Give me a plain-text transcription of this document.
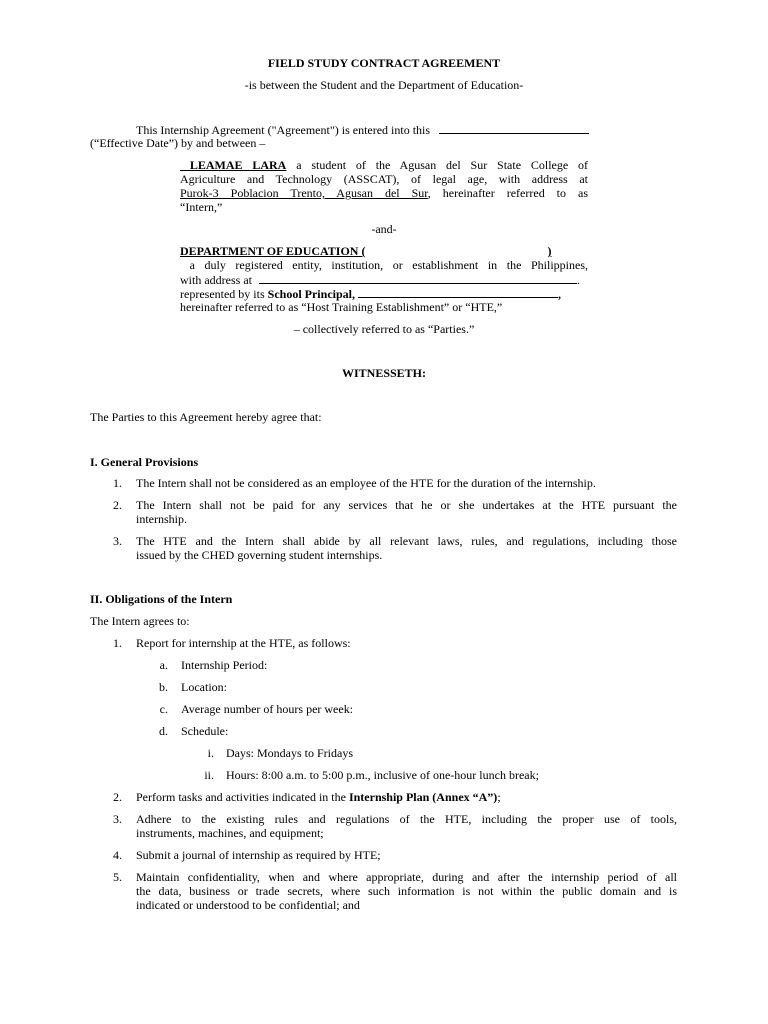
FIELD STUDY CONTRACT AGREEMENT
-is between the Student and the Department of Education-
This Internship Agreement ("Agreement") is entered into this
(“Effective Date”) by and between –
LEAMAE LARA a student of the Agusan del Sur State College of
Agriculture and Technology (ASSCAT), of legal age, with address at
Purok-3 Poblacion Trento, Agusan del Sur, hereinafter referred to as
“Intern,”
-and-
DEPARTMENT OF EDUCATION (	)
a duly registered entity, institution, or establishment in the Philippines,
with address at	.
represented by its School Principal,	,
hereinafter referred to as “Host Training Establishment” or “HTE,”
– collectively referred to as “Parties.”
WITNESSETH:
The Parties to this Agreement hereby agree that:
I. General Provisions
1. The Intern shall not be considered as an employee of the HTE for the duration of the internship.
2. The Intern shall not be paid for any services that he or she undertakes at the HTE pursuant the
internship.
3. The HTE and the Intern shall abide by all relevant laws, rules, and regulations, including those
issued by the CHED governing student internships.
II. Obligations of the Intern
The Intern agrees to:
1. Report for internship at the HTE, as follows:
a. Internship Period:
b. Location:
c. Average number of hours per week:
d. Schedule:
i. Days: Mondays to Fridays
ii. Hours: 8:00 a.m. to 5:00 p.m., inclusive of one-hour lunch break;
2. Perform tasks and activities indicated in the Internship Plan (Annex “A”);
3. Adhere to the existing rules and regulations of the HTE, including the proper use of tools,
instruments, machines, and equipment;
4. Submit a journal of internship as required by HTE;
5. Maintain confidentiality, when and where appropriate, during and after the internship period of all
the data, business or trade secrets, where such information is not within the public domain and is
indicated or understood to be confidential; and
